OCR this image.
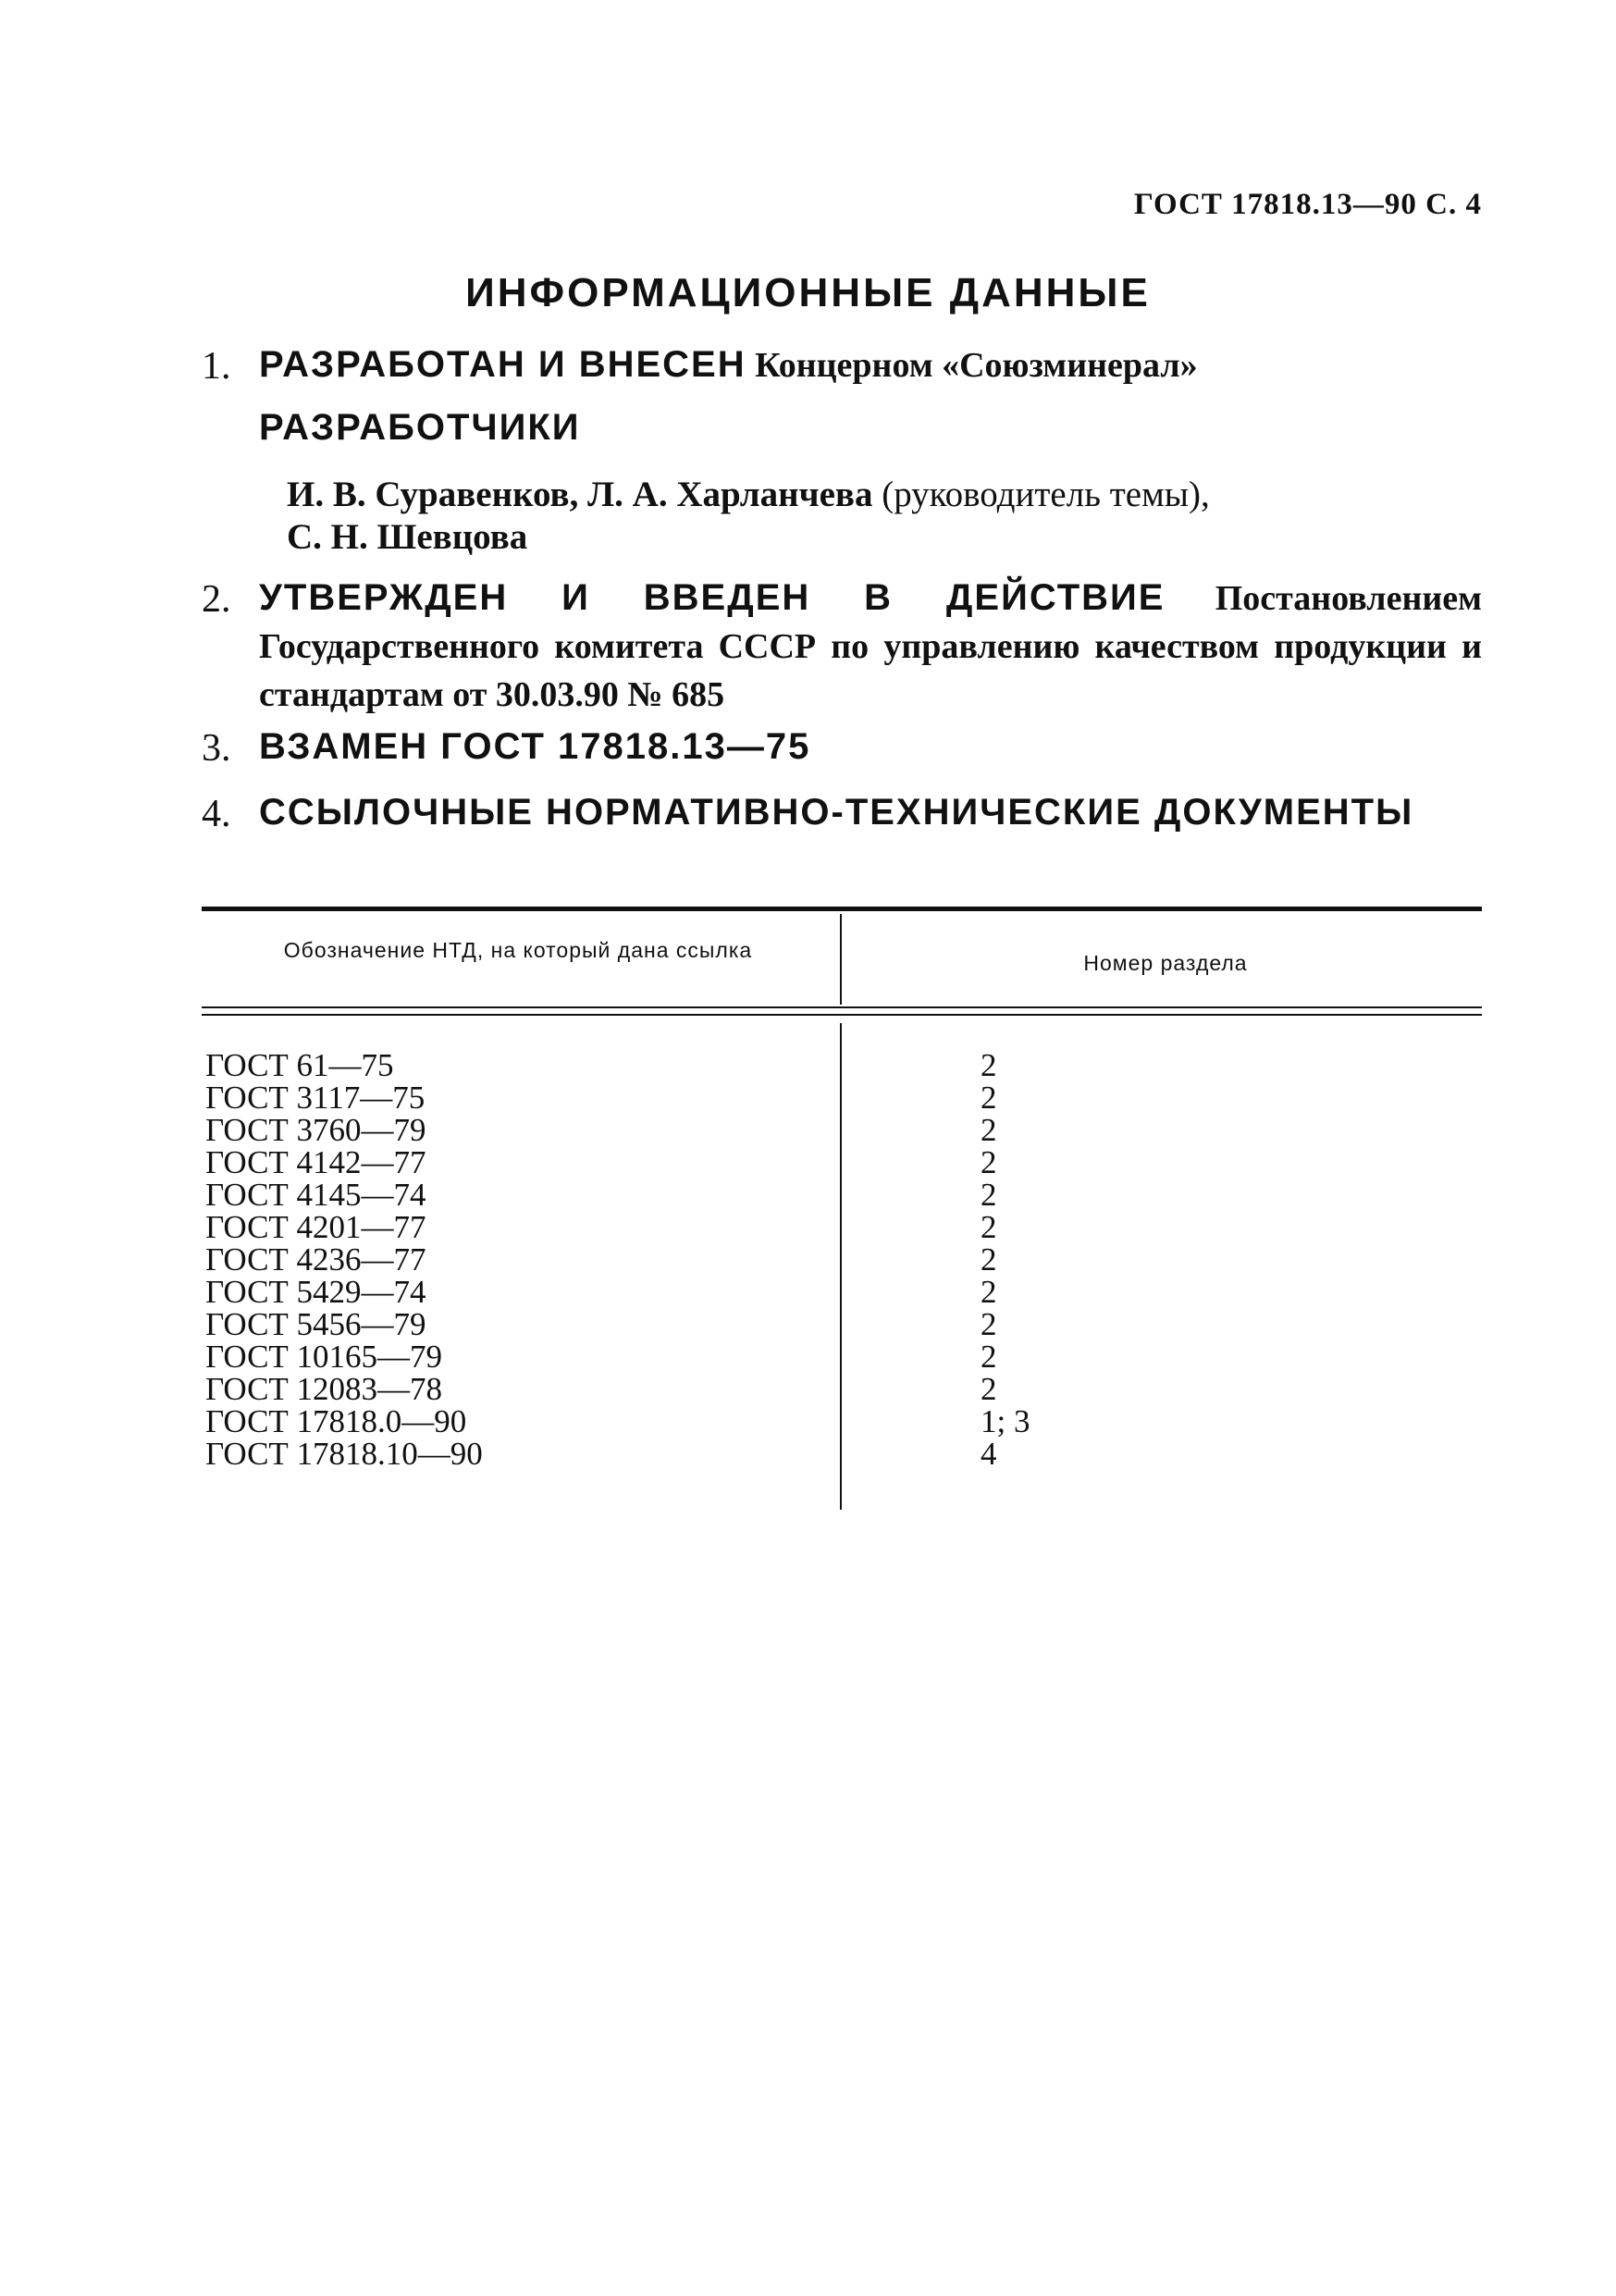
ГОСТ 17818.13—90 С. 4
ИНФОРМАЦИОННЫЕ ДАННЫЕ
1. РАЗРАБОТАН И ВНЕСЕН Концерном «Союзминерал»
РАЗРАБОТЧИКИ
И. В. Суравенков, Л. А. Харланчева (руководитель темы),
С. Н. Шевцова
2. УТВЕРЖДЕН И ВВЕДЕН В ДЕЙСТВИЕ Постановлением Государственного комитета СССР по управлению качеством продукции и стандартам от 30.03.90 № 685
3. ВЗАМЕН ГОСТ 17818.13—75
4. ССЫЛОЧНЫЕ НОРМАТИВНО-ТЕХНИЧЕСКИЕ ДОКУМЕНТЫ
Обозначение НТД, на который дана ссылка
Номер раздела
ГОСТ 61—75
ГОСТ 3117—75
ГОСТ 3760—79
ГОСТ 4142—77
ГОСТ 4145—74
ГОСТ 4201—77
ГОСТ 4236—77
ГОСТ 5429—74
ГОСТ 5456—79
ГОСТ 10165—79
ГОСТ 12083—78
ГОСТ 17818.0—90
ГОСТ 17818.10—90
2
2
2
2
2
2
2
2
2
2
2
1; 3
4
